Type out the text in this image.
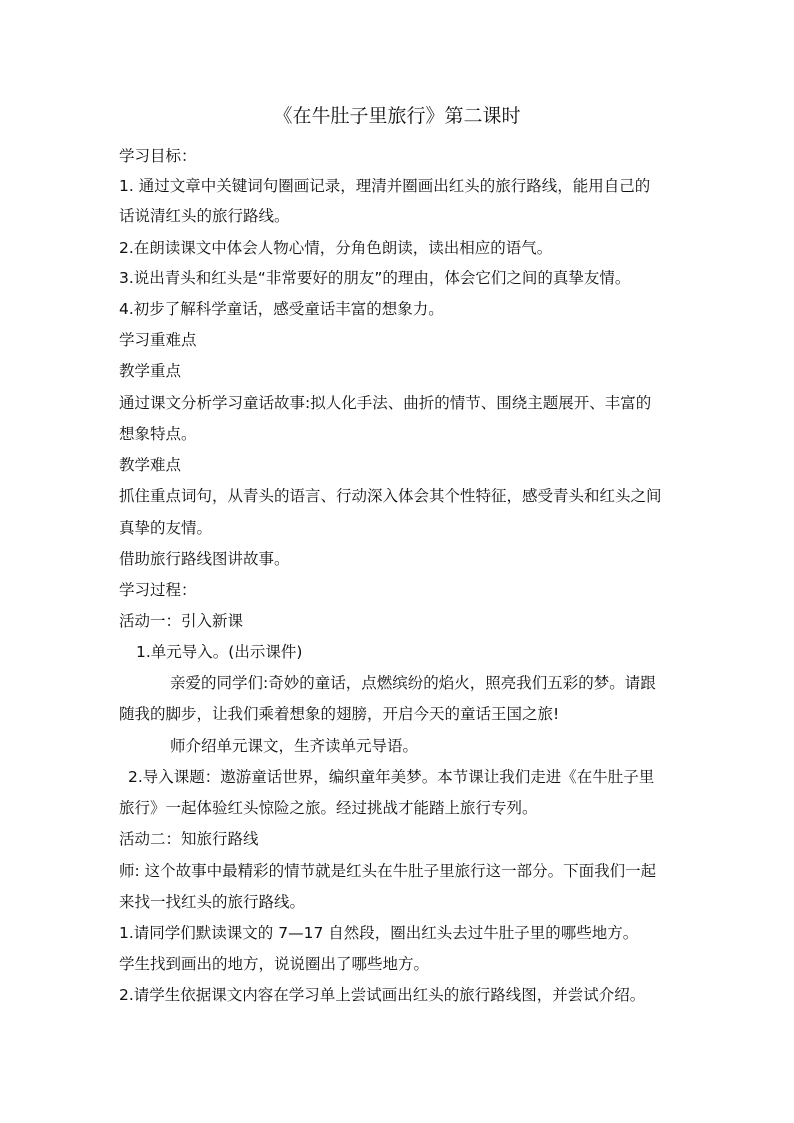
《在牛肚子里旅行》第二课时
学习目标：
1. 通过文章中关键词句圈画记录，理清并圈画出红头的旅行路线，能用自己的
话说清红头的旅行路线。
2.在朗读课文中体会人物心情，分角色朗读，读出相应的语气。
3.说出青头和红头是“非常要好的朋友”的理由，体会它们之间的真挚友情。
4.初步了解科学童话，感受童话丰富的想象力。
学习重难点
教学重点
通过课文分析学习童话故事:拟人化手法、曲折的情节、围绕主题展开、丰富的
想象特点。
教学难点
抓住重点词句，从青头的语言、行动深入体会其个性特征，感受青头和红头之间
真挚的友情。
借助旅行路线图讲故事。
学习过程：
活动一：引入新课
1.单元导入。(出示课件)
亲爱的同学们:奇妙的童话，点燃缤纷的焰火，照亮我们五彩的梦。请跟
随我的脚步，让我们乘着想象的翅膀，开启今天的童话王国之旅!
师介绍单元课文，生齐读单元导语。
2.导入课题：遨游童话世界，编织童年美梦。本节课让我们走进《在牛肚子里
旅行》一起体验红头惊险之旅。经过挑战才能踏上旅行专列。
活动二：知旅行路线
师: 这个故事中最精彩的情节就是红头在牛肚子里旅行这一部分。下面我们一起
来找一找红头的旅行路线。
1.请同学们默读课文的 7—17 自然段，圈出红头去过牛肚子里的哪些地方。
学生找到画出的地方，说说圈出了哪些地方。
2.请学生依据课文内容在学习单上尝试画出红头的旅行路线图，并尝试介绍。
